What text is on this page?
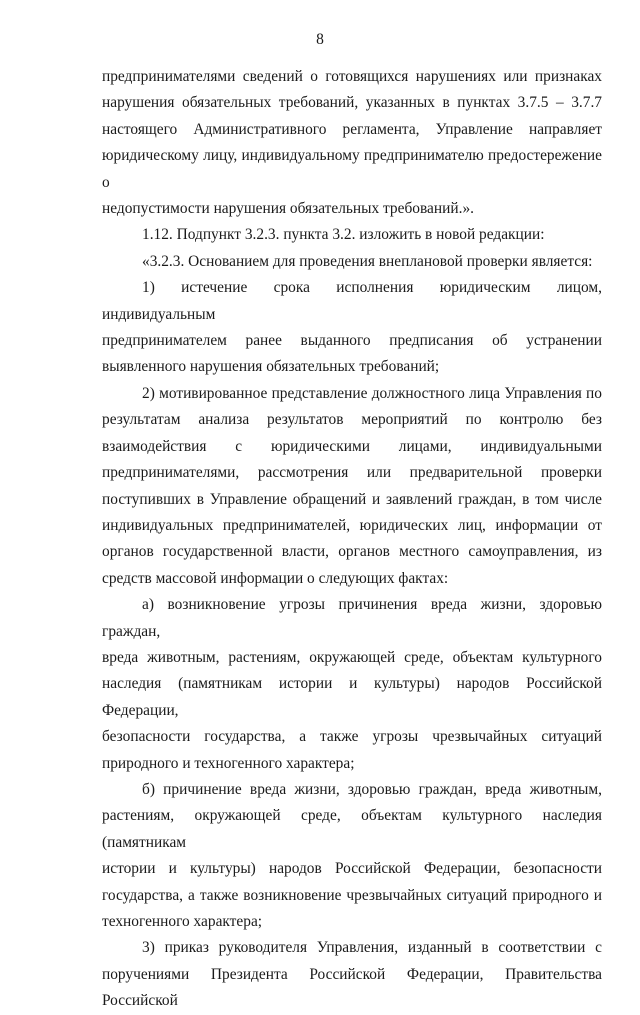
8

предпринимателями сведений о готовящихся нарушениях или признаках

нарушения обязательных требований, указанных в пунктах 3.7.5 – 3.7.7

настоящего Административного регламента, Управление направляет

юридическому лицу, индивидуальному предпринимателю предостережение о

недопустимости нарушения обязательных требований.».

1.12. Подпункт 3.2.3. пункта 3.2. изложить в новой редакции:

«3.2.3. Основанием для проведения внеплановой проверки является:

1) истечение срока исполнения юридическим лицом, индивидуальным

предпринимателем ранее выданного предписания об устранении

выявленного нарушения обязательных требований;

2) мотивированное представление должностного лица Управления по

результатам анализа результатов мероприятий по контролю без

взаимодействия с юридическими лицами, индивидуальными

предпринимателями, рассмотрения или предварительной проверки

поступивших в Управление обращений и заявлений граждан, в том числе

индивидуальных предпринимателей, юридических лиц, информации от

органов государственной власти, органов местного самоуправления, из

средств массовой информации о следующих фактах:

а) возникновение угрозы причинения вреда жизни, здоровью граждан,

вреда животным, растениям, окружающей среде, объектам культурного

наследия (памятникам истории и культуры) народов Российской Федерации,

безопасности государства, а также угрозы чрезвычайных ситуаций

природного и техногенного характера;

б) причинение вреда жизни, здоровью граждан, вреда животным,

растениям, окружающей среде, объектам культурного наследия (памятникам

истории и культуры) народов Российской Федерации, безопасности

государства, а также возникновение чрезвычайных ситуаций природного и

техногенного характера;

3) приказ руководителя Управления, изданный в соответствии с

поручениями Президента Российской Федерации, Правительства Российской
